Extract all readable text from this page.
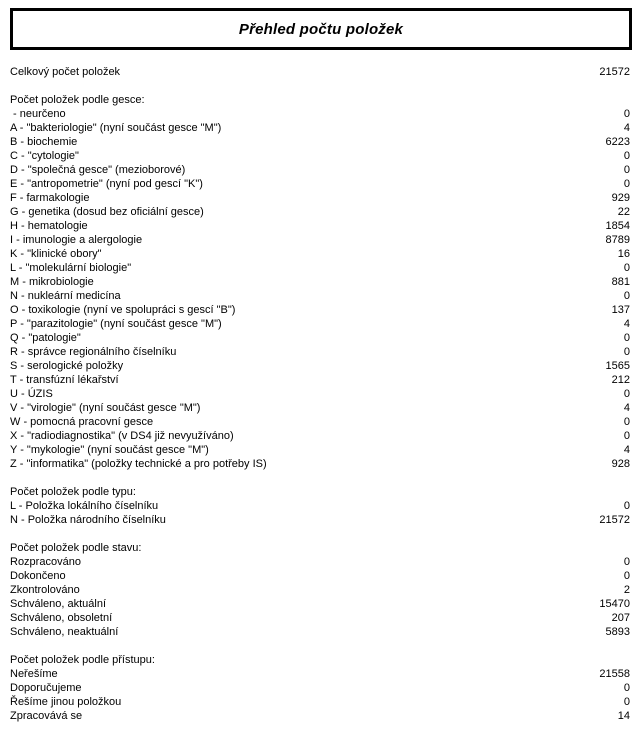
Přehled počtu položek
Celkový počet položek	21572
Počet položek podle gesce:
- neurčeno	0
A - "bakteriologie" (nyní součást gesce "M")	4
B - biochemie	6223
C - "cytologie"	0
D - "společná gesce" (mezioborové)	0
E - "antropometrie" (nyní pod gescí "K")	0
F - farmakologie	929
G - genetika (dosud bez oficiální gesce)	22
H - hematologie	1854
I - imunologie a alergologie	8789
K - "klinické obory"	16
L - "molekulární biologie"	0
M - mikrobiologie	881
N - nukleární medicína	0
O - toxikologie (nyní ve spolupráci s gescí "B")	137
P - "parazitologie" (nyní součást gesce "M")	4
Q - "patologie"	0
R - správce regionálního číselníku	0
S - serologické položky	1565
T - transfúzní lékařství	212
U - ÚZIS	0
V - "virologie" (nyní součást gesce "M")	4
W - pomocná pracovní gesce	0
X - "radiodiagnostika" (v DS4 již nevyužíváno)	0
Y - "mykologie" (nyní součást gesce "M")	4
Z - "informatika" (položky technické a pro potřeby IS)	928
Počet položek podle typu:
L - Položka lokálního číselníku	0
N - Položka národního číselníku	21572
Počet položek podle stavu:
Rozpracováno	0
Dokončeno	0
Zkontrolováno	2
Schváleno, aktuální	15470
Schváleno, obsoletní	207
Schváleno, neaktuální	5893
Počet položek podle přístupu:
Neřešíme	21558
Doporučujeme	0
Řešíme jinou položkou	0
Zpracovává se	14
